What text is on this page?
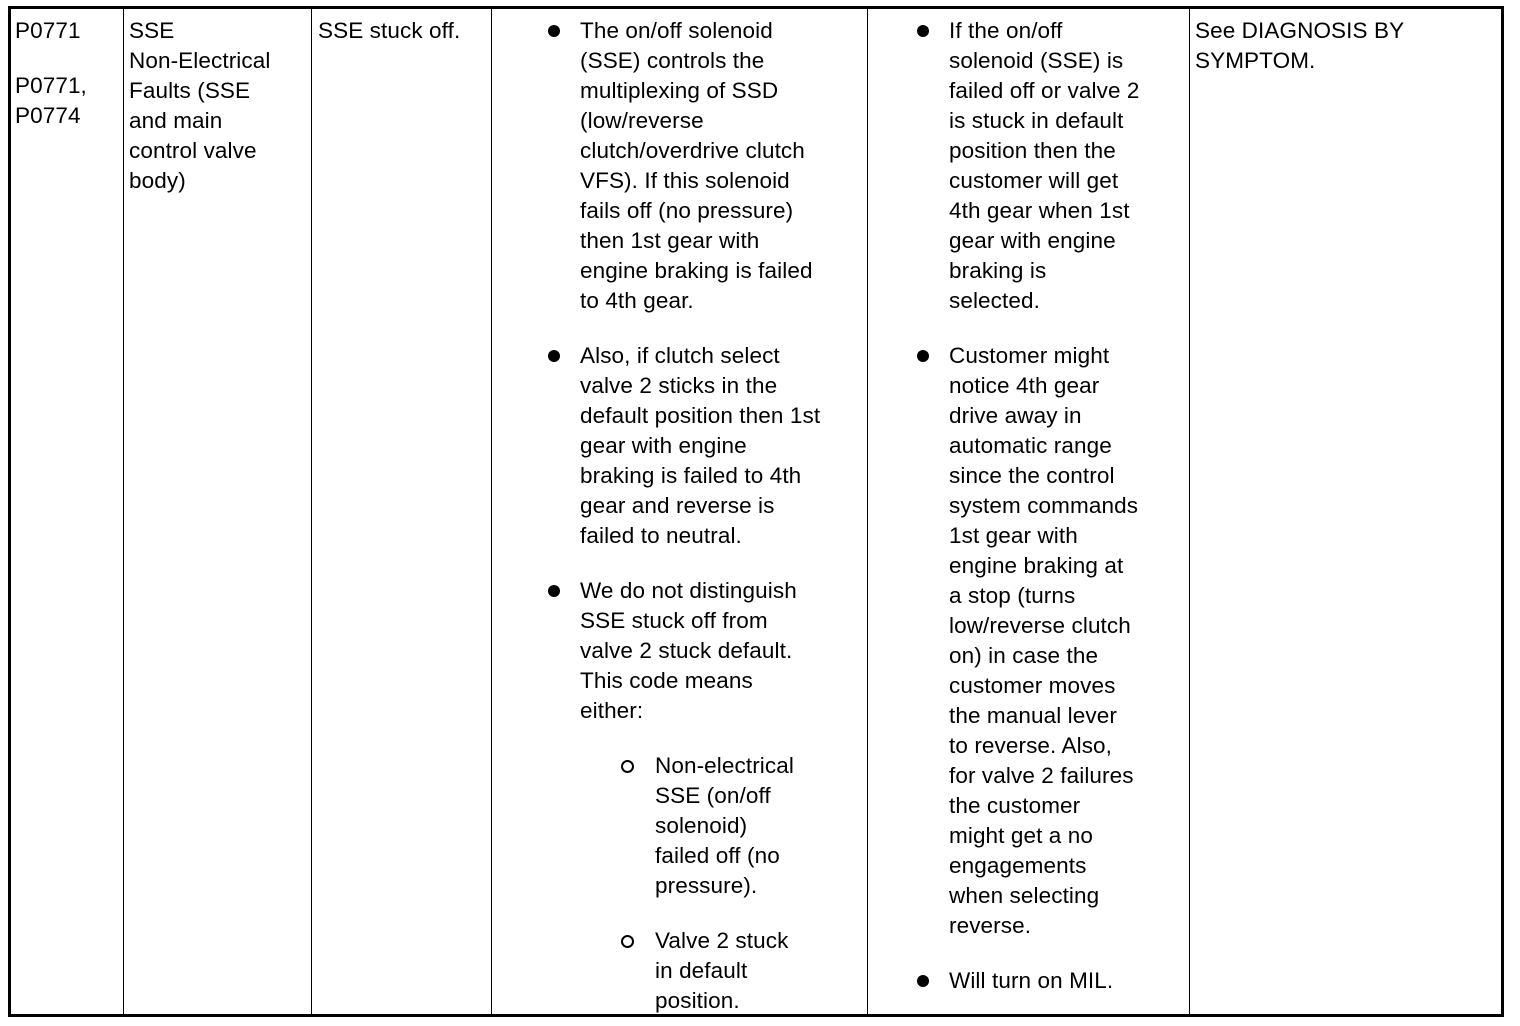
P0771
P0771,
P0774
SSE
Non-Electrical
Faults (SSE
and main
control valve
body)
SSE stuck off.	The on/off solenoid
(SSE) controls the
multiplexing of SSD
(low/reverse
clutch/overdrive clutch
VFS). If this solenoid
fails off (no pressure)
then 1st gear with
engine braking is failed
to 4th gear.
Also, if clutch select
valve 2 sticks in the
default position then 1st
gear with engine
braking is failed to 4th
gear and reverse is
failed to neutral.
We do not distinguish
SSE stuck off from
valve 2 stuck default.
This code means
either:
Non-electrical
SSE (on/off
solenoid)
failed off (no
pressure).
Valve 2 stuck
in default
position.
If the on/off
solenoid (SSE) is
failed off or valve 2
is stuck in default
position then the
customer will get
4th gear when 1st
gear with engine
braking is
selected.
Customer might
notice 4th gear
drive away in
automatic range
since the control
system commands
1st gear with
engine braking at
a stop (turns
low/reverse clutch
on) in case the
customer moves
the manual lever
to reverse. Also,
for valve 2 failures
the customer
might get a no
engagements
when selecting
reverse.
Will turn on MIL.
See DIAGNOSIS BY
SYMPTOM.
